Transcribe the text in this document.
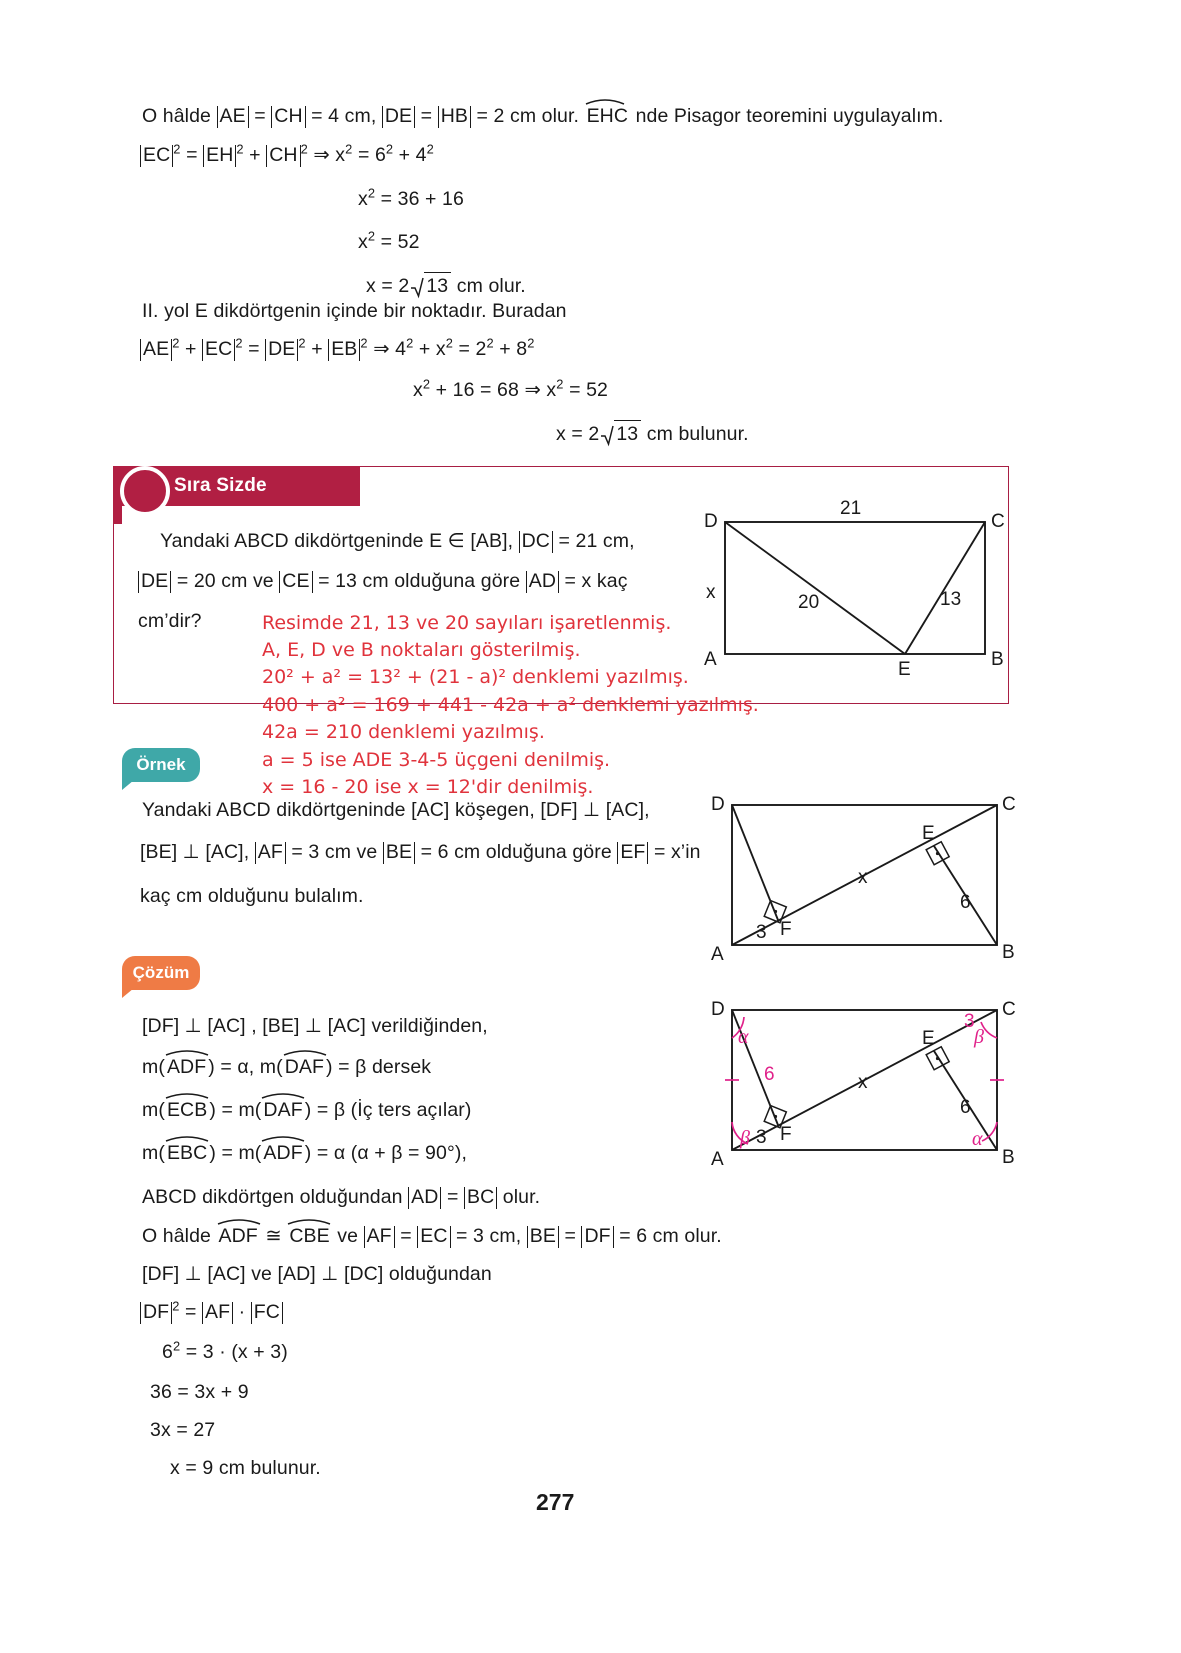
O hâlde AE = CH = 4 cm, DE = HB = 2 cm olur.
EHC nde Pisagor teoremini uygulayalım.
EC $^2$ = EH $^2$ + CH $^2$ ⇒ $x^2 = 6^2 + 4^2$
$x^2 = 36 + 16$
$x^2 = 52$
x = 2 13 cm olur.
II. yol E dikdörtgenin içinde bir noktadır. Buradan
AE $^2$ + EC $^2$ = DE $^2$ + EB $^2$ ⇒ $4^2 + x^2 = 2^2 + 8^2$
$x^2 + 16 = 68$ ⇒ $x^2 = 52$
x = 2 13 cm bulunur.
Sıra Sizde
Yandaki ABCD dikdörtgeninde E ∈ [AB], DC = 21 cm,
DE = 20 cm ve CE = 13 cm olduğuna göre AD = x kaç
cm’dir?
D	C
A	B
E
21
x	20	13
Resimde 21, 13 ve 20 sayıları işaretlenmiş.
A, E, D ve B noktaları gösterilmiş.
20² + a² = 13² + (21 - a)² denklemi yazılmış.
400 + a² = 169 + 441 - 42a + a² denklemi yazılmış.
42a = 210 denklemi yazılmış.
a = 5 ise ADE 3-4-5 üçgeni denilmiş.
x = 16 - 20 ise x = 12'dir denilmiş.
Örnek
Yandaki ABCD dikdörtgeninde [AC] köşegen, [DF] ⊥ [AC],
[BE] ⊥ [AC], AF = 3 cm ve BE = 6 cm olduğuna göre EF = x’in
kaç cm olduğunu bulalım.
D	C
A	B
E
F
3
6
x
Çözüm
[DF] ⊥ [AC] , [BE] ⊥ [AC] verildiğinden,
m( ADF ) = α, m( DAF ) = β dersek
m( ECB ) = m( DAF ) = β (İç ters açılar)
m( EBC ) = m( ADF ) = α (α + β = 90°),
ABCD dikdörtgen olduğundan AD = BC olur.
O hâlde
ADF ≅
CBE ve AF = EC = 3 cm, BE = DF = 6 cm olur.
[DF] ⊥ [AC] ve [AD] ⊥ [DC] olduğundan
DF $^2$ = AF · FC
$6^2 = 3 \cdot (x + 3)$
36 = 3x + 9
3x = 27
x = 9 cm bulunur.
D	C
A	B
E
F
3
6
x
6
3
α
β
β
α
277
